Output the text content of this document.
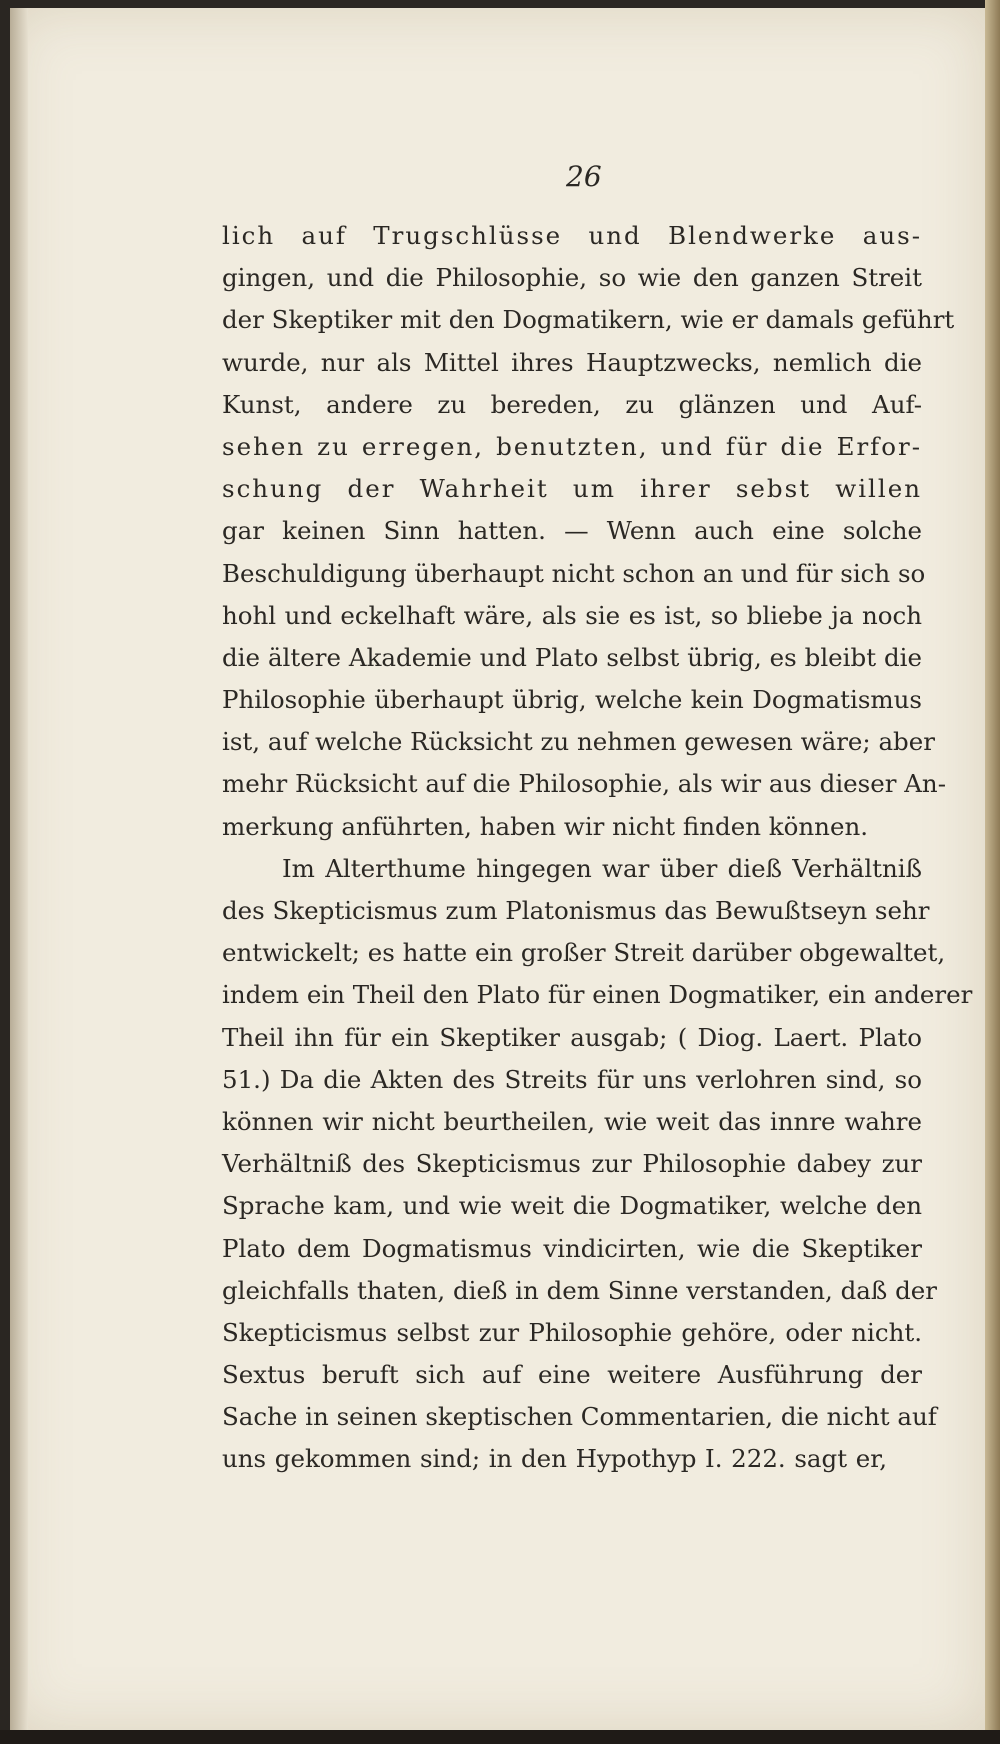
26
lich auf Trugschlüsse und Blendwerke aus-
gingen, und die Philosophie, so wie den ganzen Streit
der Skeptiker mit den Dogmatikern, wie er damals geführt
wurde, nur als Mittel ihres Hauptzwecks, nemlich die
Kunst, andere zu bereden, zu glänzen und Auf-
sehen zu erregen, benutzten, und für die Erfor-
schung der Wahrheit um ihrer sebst willen
gar keinen Sinn hatten. — Wenn auch eine solche
Beschuldigung überhaupt nicht schon an und für sich so
hohl und eckelhaft wäre, als sie es ist, so bliebe ja noch
die ältere Akademie und Plato selbst übrig, es bleibt die
Philosophie überhaupt übrig, welche kein Dogmatismus
ist, auf welche Rücksicht zu nehmen gewesen wäre; aber
mehr Rücksicht auf die Philosophie, als wir aus dieser An-
merkung anführten, haben wir nicht finden können.
Im Alterthume hingegen war über dieß Verhältniß
des Skepticismus zum Platonismus das Bewußtseyn sehr
entwickelt; es hatte ein großer Streit darüber obgewaltet,
indem ein Theil den Plato für einen Dogmatiker, ein anderer
Theil ihn für ein Skeptiker ausgab; ( Diog. Laert. Plato
51.) Da die Akten des Streits für uns verlohren sind, so
können wir nicht beurtheilen, wie weit das innre wahre
Verhältniß des Skepticismus zur Philosophie dabey zur
Sprache kam, und wie weit die Dogmatiker, welche den
Plato dem Dogmatismus vindicirten, wie die Skeptiker
gleichfalls thaten, dieß in dem Sinne verstanden, daß der
Skepticismus selbst zur Philosophie gehöre, oder nicht.
Sextus beruft sich auf eine weitere Ausführung der
Sache in seinen skeptischen Commentarien, die nicht auf
uns gekommen sind; in den Hypothyp I. 222. sagt er,
